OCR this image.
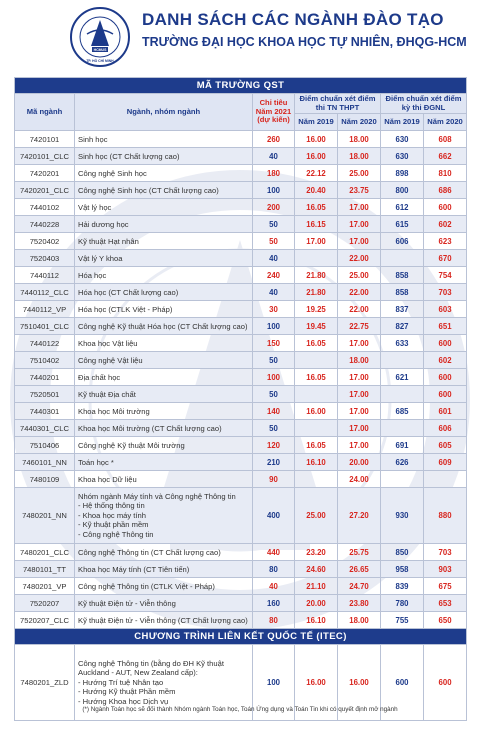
HCMUS
TP. HỒ CHÍ MINH
DANH SÁCH CÁC NGÀNH ĐÀO TẠO
TRƯỜNG ĐẠI HỌC KHOA HỌC TỰ NHIÊN, ĐHQG-HCM
MÃ TRƯỜNG QST						
Mã ngành	Ngành, nhóm ngành	Chỉ tiêu Năm 2021 (dự kiến)	Điểm chuẩn xét điểm thi TN THPT		Điểm chuẩn xét điểm kỳ thi ĐGNL	
			Năm 2019	Năm 2020	Năm 2019	Năm 2020
7420101	Sinh học	260	16.00	18.00	630	608
7420101_CLC	Sinh học (CT Chất lượng cao)	40	16.00	18.00	630	662
7420201	Công nghệ Sinh học	180	22.12	25.00	898	810
7420201_CLC	Công nghệ Sinh học (CT Chất lượng cao)	100	20.40	23.75	800	686
7440102	Vật lý học	200	16.05	17.00	612	600
7440228	Hải dương học	50	16.15	17.00	615	602
7520402	Kỹ thuật Hạt nhân	50	17.00	17.00	606	623
7520403	Vật lý Y khoa	40		22.00		670
7440112	Hóa học	240	21.80	25.00	858	754
7440112_CLC	Hóa học (CT Chất lượng cao)	40	21.80	22.00	858	703
7440112_VP	Hóa học (CTLK Việt - Pháp)	30	19.25	22.00	837	603
7510401_CLC	Công nghệ Kỹ thuật Hóa học (CT Chất lượng cao)	100	19.45	22.75	827	651
7440122	Khoa học Vật liệu	150	16.05	17.00	633	600
7510402	Công nghệ Vật liệu	50		18.00		602
7440201	Địa chất học	100	16.05	17.00	621	600
7520501	Kỹ thuật Địa chất	50		17.00		600
7440301	Khoa học Môi trường	140	16.00	17.00	685	601
7440301_CLC	Khoa học Môi trường (CT Chất lượng cao)	50		17.00		606
7510406	Công nghệ Kỹ thuật Môi trường	120	16.05	17.00	691	605
7460101_NN	Toán học *	210	16.10	20.00	626	609
7480109	Khoa học Dữ liệu	90		24.00		
7480201_NN	Nhóm ngành Máy tính và Công nghệ Thông tin
- Hệ thống thông tin
- Khoa học máy tính
- Kỹ thuật phần mềm
- Công nghệ Thông tin	400	25.00	27.20	930	880
7480201_CLC	Công nghệ Thông tin (CT Chất lượng cao)	440	23.20	25.75	850	703
7480101_TT	Khoa học Máy tính (CT Tiên tiến)	80	24.60	26.65	958	903
7480201_VP	Công nghệ Thông tin (CTLK Việt - Pháp)	40	21.10	24.70	839	675
7520207	Kỹ thuật Điện tử - Viễn thông	160	20.00	23.80	780	653
7520207_CLC	Kỹ thuật Điện tử - Viễn thông (CT Chất lượng cao)	80	16.10	18.00	755	650
CHƯƠNG TRÌNH LIÊN KẾT QUỐC TẾ (ITEC)						
7480201_ZLD	Công nghệ Thông tin (bằng do ĐH Kỹ thuật
Auckland - AUT, New Zealand cấp):
- Hướng Trí tuệ Nhân tạo
- Hướng Kỹ thuật Phần mềm
- Hướng Khoa học Dịch vụ	100	16.00	16.00	600	600
(*) Ngành Toán học sẽ đối thành Nhóm ngành Toán học, Toán Ứng dụng và Toán Tin khi có quyết định mở ngành
